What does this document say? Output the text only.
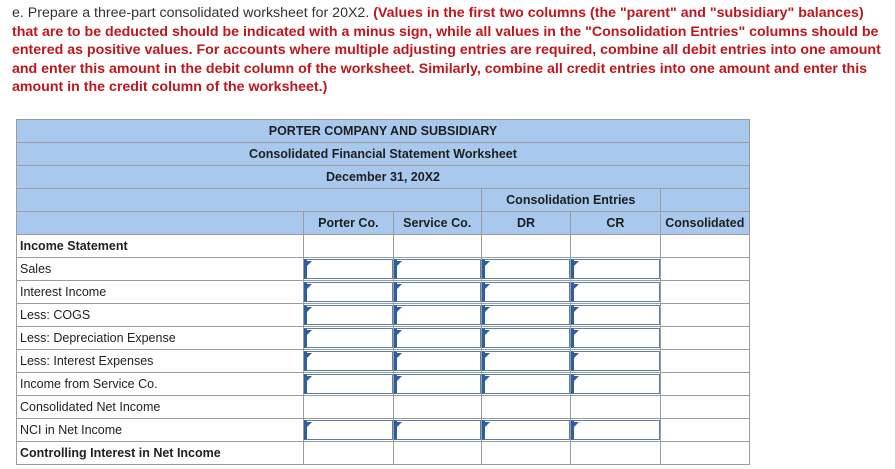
e. Prepare a three-part consolidated worksheet for 20X2. (Values in the first two columns (the "parent" and "subsidiary" balances) that are to be deducted should be indicated with a minus sign, while all values in the "Consolidation Entries" columns should be entered as positive values. For accounts where multiple adjusting entries are required, combine all debit entries into one amount and enter this amount in the debit column of the worksheet. Similarly, combine all credit entries into one amount and enter this amount in the credit column of the worksheet.)
PORTER COMPANY AND SUBSIDIARY					
Consolidated Financial Statement Worksheet					
December 31, 20X2					
			Consolidation Entries		
	Porter Co.	Service Co.	DR	CR	Consolidated
Income Statement					
Sales	

Interest Income	

Less: COGS	

Less: Depreciation Expense	

Less: Interest Expenses	

Income from Service Co.	

Consolidated Net Income					
NCI in Net Income	

Controlling Interest in Net Income					
